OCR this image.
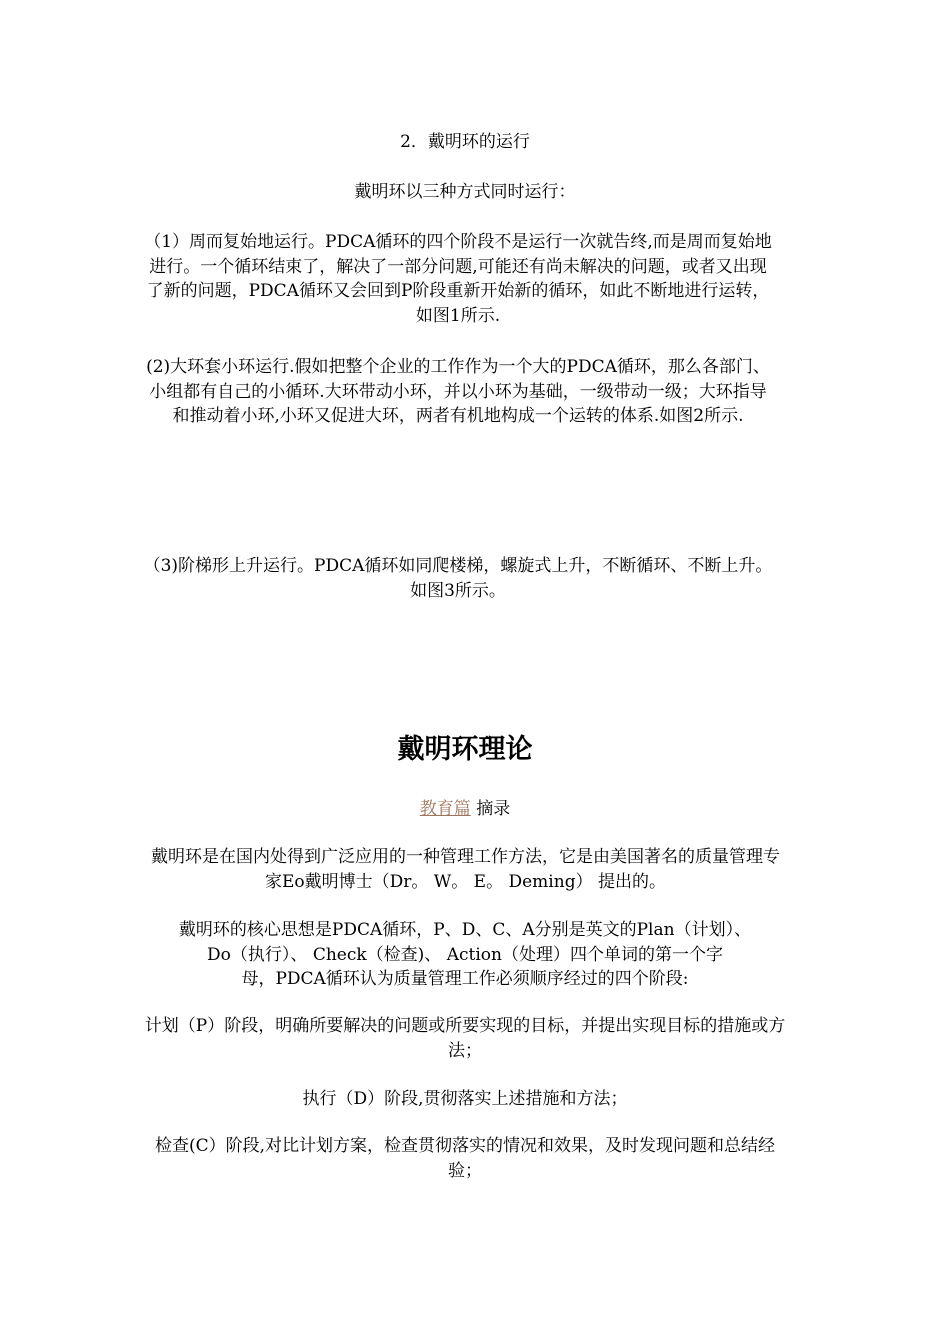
2．戴明环的运行

戴明环以三种方式同时运行：

（1）周而复始地运行。PDCA循环的四个阶段不是运行一次就告终,而是周而复始地进行。一个循环结束了，解决了一部分问题,可能还有尚未解决的问题，或者又出现了新的问题，PDCA循环又会回到P阶段重新开始新的循环，如此不断地进行运转，如图1所示.

(2)大环套小环运行.假如把整个企业的工作作为一个大的PDCA循环，那么各部门、小组都有自己的小循环.大环带动小环，并以小环为基础，一级带动一级；大环指导和推动着小环,小环又促进大环，两者有机地构成一个运转的体系.如图2所示.

（3)阶梯形上升运行。PDCA循环如同爬楼梯，螺旋式上升，不断循环、不断上升。如图3所示。

戴明环理论

教育篇 摘录

戴明环是在国内处得到广泛应用的一种管理工作方法，它是由美国著名的质量管理专家Eo戴明博士（Dr。 W。 E。 Deming） 提出的。

戴明环的核心思想是PDCA循环，P、D、C、A分别是英文的Plan（计划）、
Do（执行）、 Check（检查)、 Action（处理）四个单词的第一个字
母，PDCA循环认为质量管理工作必须顺序经过的四个阶段:

计划（P）阶段，明确所要解决的问题或所要实现的目标，并提出实现目标的措施或方法；

执行（D）阶段,贯彻落实上述措施和方法；

检查(C）阶段,对比计划方案，检查贯彻落实的情况和效果，及时发现问题和总结经验；
